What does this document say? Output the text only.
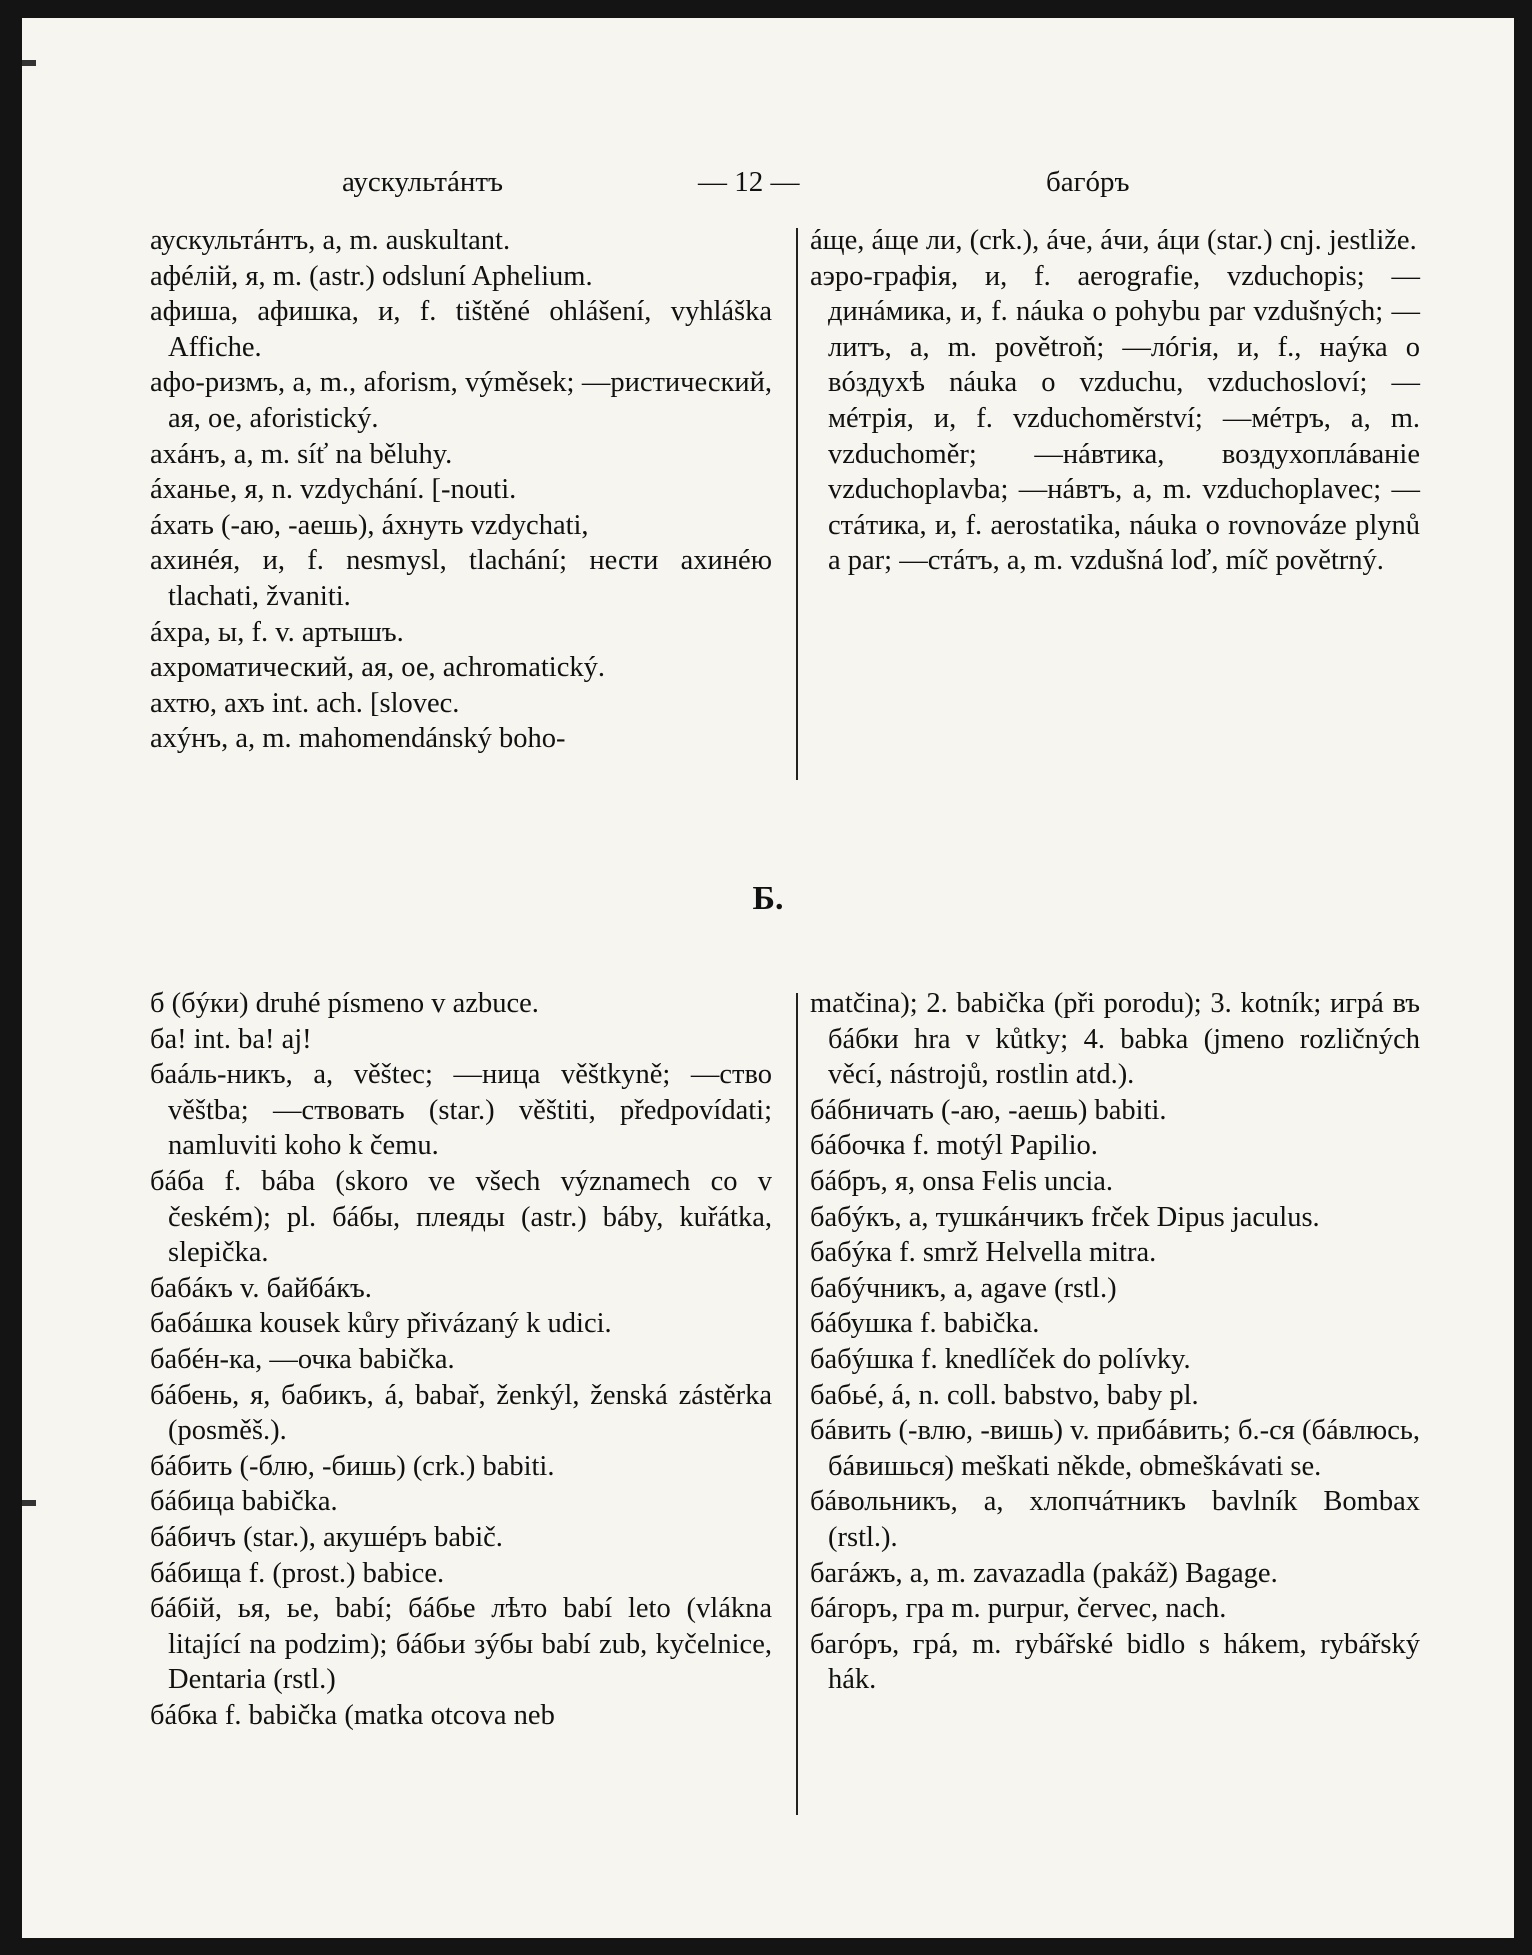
аускультáнтъ	— 12 —	багóръ

аускультáнтъ, а, m. auskultant.

афéлій, я, m. (astr.) odsluní Aphelium.

афиша, афишка, и, f. tištěné ohlášení, vyhláška Affiche.

афо-ризмъ, а, m., aforism, výměsek; —ристический, ая, ое, aforistický.

ахáнъ, а, m. síť na běluhy.

áханье, я, n. vzdychání. [-nouti.

áхать (-аю, -аешь), áхнуть vzdychati,

ахинéя, и, f. nesmysl, tlachání; нести ахинéю tlachati, žvaniti.

áхра, ы, f. v. артышъ.

ахроматический, ая, ое, achromatický.

ахтю, ахъ int. ach. [slovec.

ахýнъ, а, m. mahomendánský boho-

áще, áще ли, (crk.), áче, áчи, áци (star.) cnj. jestliže.

аэро-графія, и, f. aerografie, vzduchopis; —динáмика, и, f. náuka o pohybu par vzdušných; —литъ, а, m. povětroň; —лóгія, и, f., наýка о вóздухѣ náuka o vzduchu, vzduchosloví; —мéтрія, и, f. vzduchoměrství; —мéтръ, а, m. vzduchoměr; —нáвтика, воздухоплáваніе vzduchoplavba; —нáвтъ, а, m. vzduchoplavec; —стáтика, и, f. aerostatika, náuka o rovnováze plynů a par; —стáтъ, а, m. vzdušná loď, míč povětrný.

Б.

б (бýки) druhé písmeno v azbuce.

ба! int. ba! aj!

баáль-никъ, а, věštec; —ница věštkyně; —ство věštba; —ствовать (star.) věštiti, předpovídati; namluviti koho k čemu.

бáба f. bába (skoro ve všech významech co v českém); pl. бáбы, плеяды (astr.) báby, kuřátka, slepička.

бабáкъ v. байбáкъ.

бабáшка kousek kůry přivázaný k udici.

бабéн-ка, —очка babička.

бáбень, я, бабикъ, á, babař, ženkýl, ženská zástěrka (posměš.).

бáбить (-блю, -бишь) (crk.) babiti.

бáбица babička.

бáбичъ (star.), акушéръ babič.

бáбища f. (prost.) babice.

бáбій, ья, ье, babí; бáбье лѣто babí leto (vlákna litající na podzim); бáбьи зýбы babí zub, kyčelnice, Dentaria (rstl.)

бáбка f. babička (matka otcova neb

matčina); 2. babička (při porodu); 3. kotník; игрá въ бáбки hra v kůtky; 4. babka (jmeno rozličných věcí, nástrojů, rostlin atd.).

бáбничать (-аю, -аешь) babiti.

бáбочка f. motýl Papilio.

бáбръ, я, onsa Felis uncia.

бабýкъ, а, тушкáнчикъ frček Dipus jaculus.

бабýка f. smrž Helvella mitra.

бабýчникъ, а, agave (rstl.)

бáбушка f. babička.

бабýшка f. knedlíček do polívky.

бабьé, á, n. coll. babstvo, baby pl.

бáвить (-влю, -вишь) v. прибáвить; б.-ся (бáвлюсь, бáвишься) meškati někde, obmeškávati se.

бáвольникъ, а, хлопчáтникъ bavlník Bombax (rstl.).

багáжъ, а, m. zavazadla (pakáž) Bagage.

бáгоръ, гра m. purpur, červec, nach.

багóръ, грá, m. rybářské bidlo s hákem, rybářský hák.
